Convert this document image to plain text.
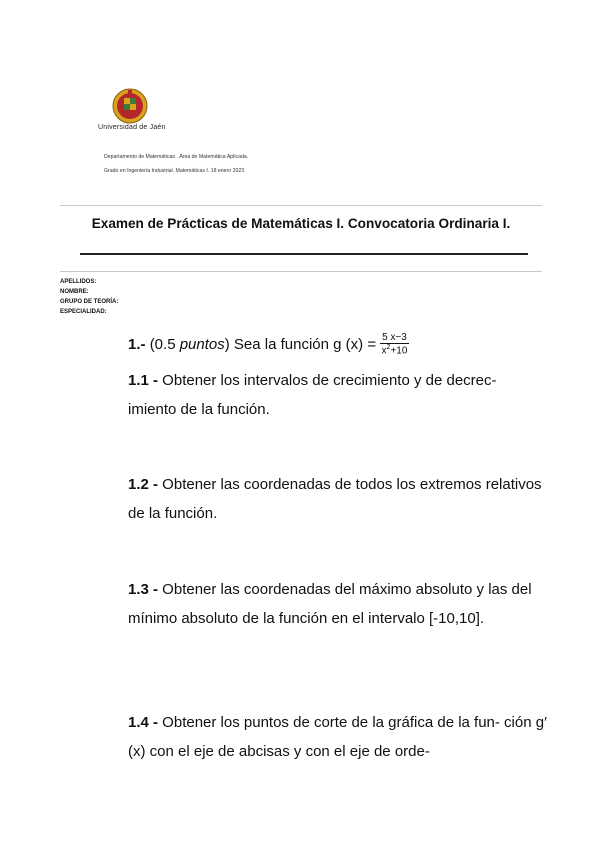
Universidad de Jaén
Departamento de Matemáticas . Área de Matemática Aplicada.
Grado en Ingeniería Industrial. Matemáticas I. 18 enero 2023
Examen de Prácticas de Matemáticas I. Convocatoria Ordinaria I.
APELLIDOS:
NOMBRE:
GRUPO DE TEORÍA:
ESPECIALIDAD:
1.-
(0.5 puntos)
Sea la función
g $(x) = \frac{5 x-3}{x^2+10}$
1.1 - Obtener los intervalos de crecimiento y de decrec- imiento de la función.
1.2 - Obtener las coordenadas de todos los extremos relativos de la función.
1.3 - Obtener las coordenadas del máximo absoluto y las del mínimo absoluto de la función en el intervalo [-10,10].
1.4 - Obtener los puntos de corte de la gráfica de la fun- ción g′(x) con el eje de abcisas y con el eje de orde-
